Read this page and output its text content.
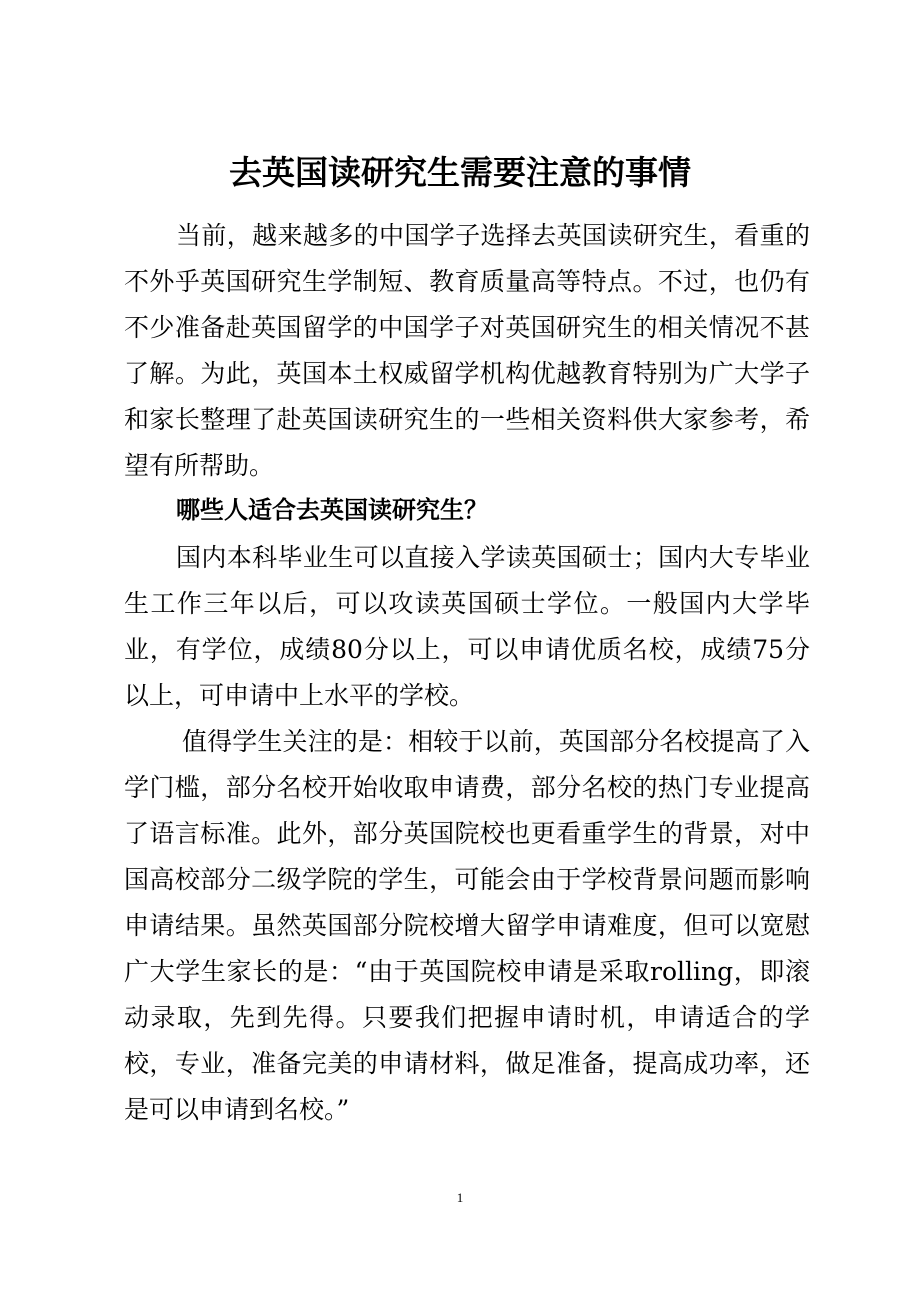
去英国读研究生需要注意的事情

当前，越来越多的中国学子选择去英国读研究生，看重的不外乎英国研究生学制短、教育质量高等特点。不过，也仍有不少准备赴英国留学的中国学子对英国研究生的相关情况不甚了解。为此，英国本土权威留学机构优越教育特别为广大学子和家长整理了赴英国读研究生的一些相关资料供大家参考，希望有所帮助。

哪些人适合去英国读研究生？

国内本科毕业生可以直接入学读英国硕士；国内大专毕业生工作三年以后，可以攻读英国硕士学位。一般国内大学毕业，有学位，成绩80分以上，可以申请优质名校，成绩75分以上，可申请中上水平的学校。

值得学生关注的是：相较于以前，英国部分名校提高了入学门槛，部分名校开始收取申请费，部分名校的热门专业提高了语言标准。此外，部分英国院校也更看重学生的背景，对中国高校部分二级学院的学生，可能会由于学校背景问题而影响申请结果。虽然英国部分院校增大留学申请难度，但可以宽慰广大学生家长的是：“由于英国院校申请是采取rolling，即滚动录取，先到先得。只要我们把握申请时机，申请适合的学校，专业，准备完美的申请材料，做足准备，提高成功率，还是可以申请到名校。”

1
